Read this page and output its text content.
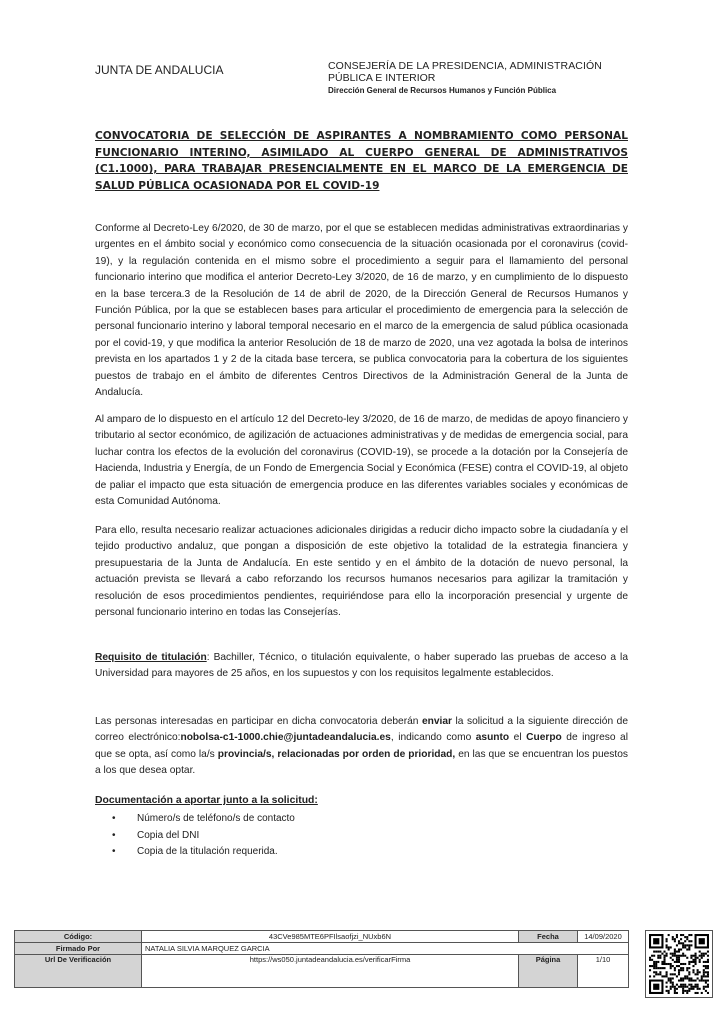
JUNTA DE ANDALUCIA	CONSEJERÍA DE LA PRESIDENCIA, ADMINISTRACIÓN
PÚBLICA E INTERIOR
Dirección General de Recursos Humanos y Función Pública
CONVOCATORIA DE SELECCIÓN DE ASPIRANTES A NOMBRAMIENTO COMO PERSONAL FUNCIONARIO INTERINO, ASIMILADO AL CUERPO GENERAL DE ADMINISTRATIVOS (C1.1000), PARA TRABAJAR PRESENCIALMENTE EN EL MARCO DE LA EMERGENCIA DE SALUD PÚBLICA OCASIONADA POR EL COVID-19

Conforme al Decreto-Ley 6/2020, de 30 de marzo, por el que se establecen medidas administrativas extraordinarias y urgentes en el ámbito social y económico como consecuencia de la situación ocasionada por el coronavirus (covid-19), y la regulación contenida en el mismo sobre el procedimiento a seguir para el llamamiento del personal funcionario interino que modifica el anterior Decreto-Ley 3/2020, de 16 de marzo, y en cumplimiento de lo dispuesto en la base tercera.3 de la Resolución de 14 de abril de 2020, de la Dirección General de Recursos Humanos y Función Pública, por la que se establecen bases para articular el procedimiento de emergencia para la selección de personal funcionario interino y laboral temporal necesario en el marco de la emergencia de salud pública ocasionada por el covid-19, y que modifica la anterior Resolución de 18 de marzo de 2020, una vez agotada la bolsa de interinos prevista en los apartados 1 y 2 de la citada base tercera, se publica convocatoria para la cobertura de los siguientes puestos de trabajo en el ámbito de diferentes Centros Directivos de la Administración General de la Junta de Andalucía.

Al amparo de lo dispuesto en el artículo 12 del Decreto-ley 3/2020, de 16 de marzo, de medidas de apoyo financiero y tributario al sector económico, de agilización de actuaciones administrativas y de medidas de emergencia social, para luchar contra los efectos de la evolución del coronavirus (COVID-19), se procede a la dotación por la Consejería de Hacienda, Industria y Energía, de un Fondo de Emergencia Social y Económica (FESE) contra el COVID-19, al objeto de paliar el impacto que esta situación de emergencia produce en las diferentes variables sociales y económicas de esta Comunidad Autónoma.

Para ello, resulta necesario realizar actuaciones adicionales dirigidas a reducir dicho impacto sobre la ciudadanía y el tejido productivo andaluz, que pongan a disposición de este objetivo la totalidad de la estrategia financiera y presupuestaria de la Junta de Andalucía. En este sentido y en el ámbito de la dotación de nuevo personal, la actuación prevista se llevará a cabo reforzando los recursos humanos necesarios para agilizar la tramitación y resolución de esos procedimientos pendientes, requiriéndose para ello la incorporación presencial y urgente de personal funcionario interino en todas las Consejerías.

Requisito de titulación: Bachiller, Técnico, o titulación equivalente, o haber superado las pruebas de acceso a la Universidad para mayores de 25 años, en los supuestos y con los requisitos legalmente establecidos.

Las personas interesadas en participar en dicha convocatoria deberán enviar la solicitud a la siguiente dirección de correo electrónico:nobolsa-c1-1000.chie@juntadeandalucia.es, indicando como asunto el Cuerpo de ingreso al que se opta, así como la/s provincia/s, relacionadas por orden de prioridad, en las que se encuentran los puestos a los que desea optar.

Documentación a aportar junto a la solicitud:
• Número/s de teléfono/s de contacto
• Copia del DNI
• Copia de la titulación requerida.
Código:	43CVe985MTE6PFIlsaofjzi_NUxb6N	Fecha	14/09/2020
Firmado Por	NATALIA SILVIA MARQUEZ GARCIA		
Url De Verificación	https://ws050.juntadeandalucia.es/verificarFirma	Página	1/10
